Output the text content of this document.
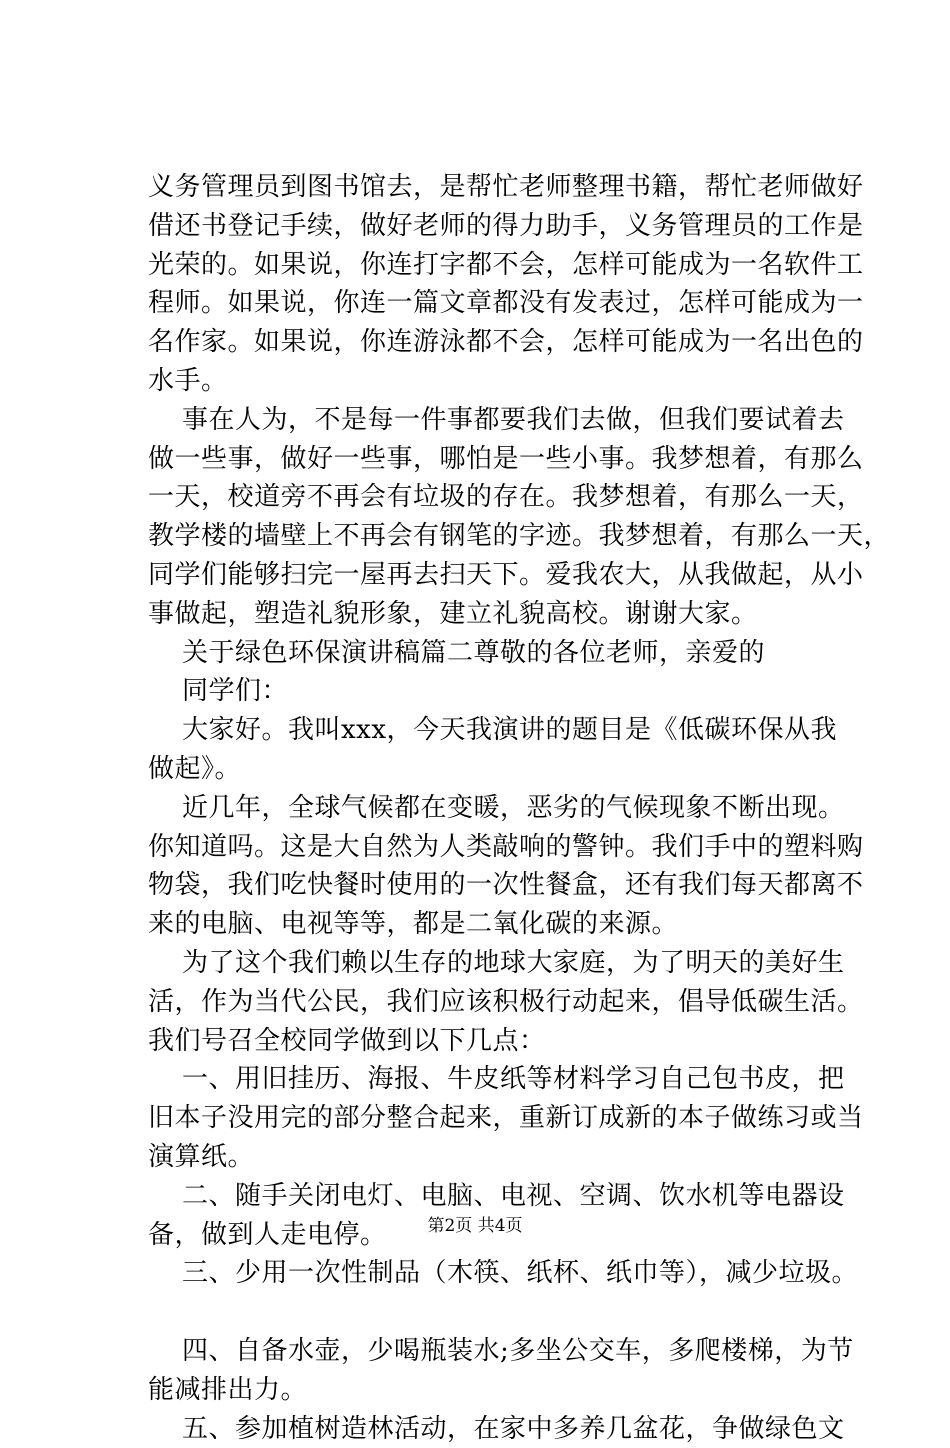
义务管理员到图书馆去，是帮忙老师整理书籍，帮忙老师做好
借还书登记手续，做好老师的得力助手，义务管理员的工作是
光荣的。如果说，你连打字都不会，怎样可能成为一名软件工
程师。如果说，你连一篇文章都没有发表过，怎样可能成为一
名作家。如果说，你连游泳都不会，怎样可能成为一名出色的
水手。
事在人为，不是每一件事都要我们去做，但我们要试着去
做一些事，做好一些事，哪怕是一些小事。我梦想着，有那么
一天，校道旁不再会有垃圾的存在。我梦想着，有那么一天，
教学楼的墙壁上不再会有钢笔的字迹。我梦想着，有那么一天，
同学们能够扫完一屋再去扫天下。爱我农大，从我做起，从小
事做起，塑造礼貌形象，建立礼貌高校。谢谢大家。
关于绿色环保演讲稿篇二尊敬的各位老师，亲爱的
同学们：
大家好。我叫xxx，今天我演讲的题目是《低碳环保从我
做起》。
近几年，全球气候都在变暖，恶劣的气候现象不断出现。
你知道吗。这是大自然为人类敲响的警钟。我们手中的塑料购
物袋，我们吃快餐时使用的一次性餐盒，还有我们每天都离不
来的电脑、电视等等，都是二氧化碳的来源。
为了这个我们赖以生存的地球大家庭，为了明天的美好生
活，作为当代公民，我们应该积极行动起来，倡导低碳生活。
我们号召全校同学做到以下几点：
一、用旧挂历、海报、牛皮纸等材料学习自己包书皮，把
旧本子没用完的部分整合起来，重新订成新的本子做练习或当
演算纸。
二、随手关闭电灯、电脑、电视、空调、饮水机等电器设
备，做到人走电停。
三、少用一次性制品（木筷、纸杯、纸巾等），减少垃圾。
四、自备水壶，少喝瓶装水;多坐公交车，多爬楼梯，为节
能减排出力。
五、参加植树造林活动，在家中多养几盆花，争做绿色文
第2页 共4页
